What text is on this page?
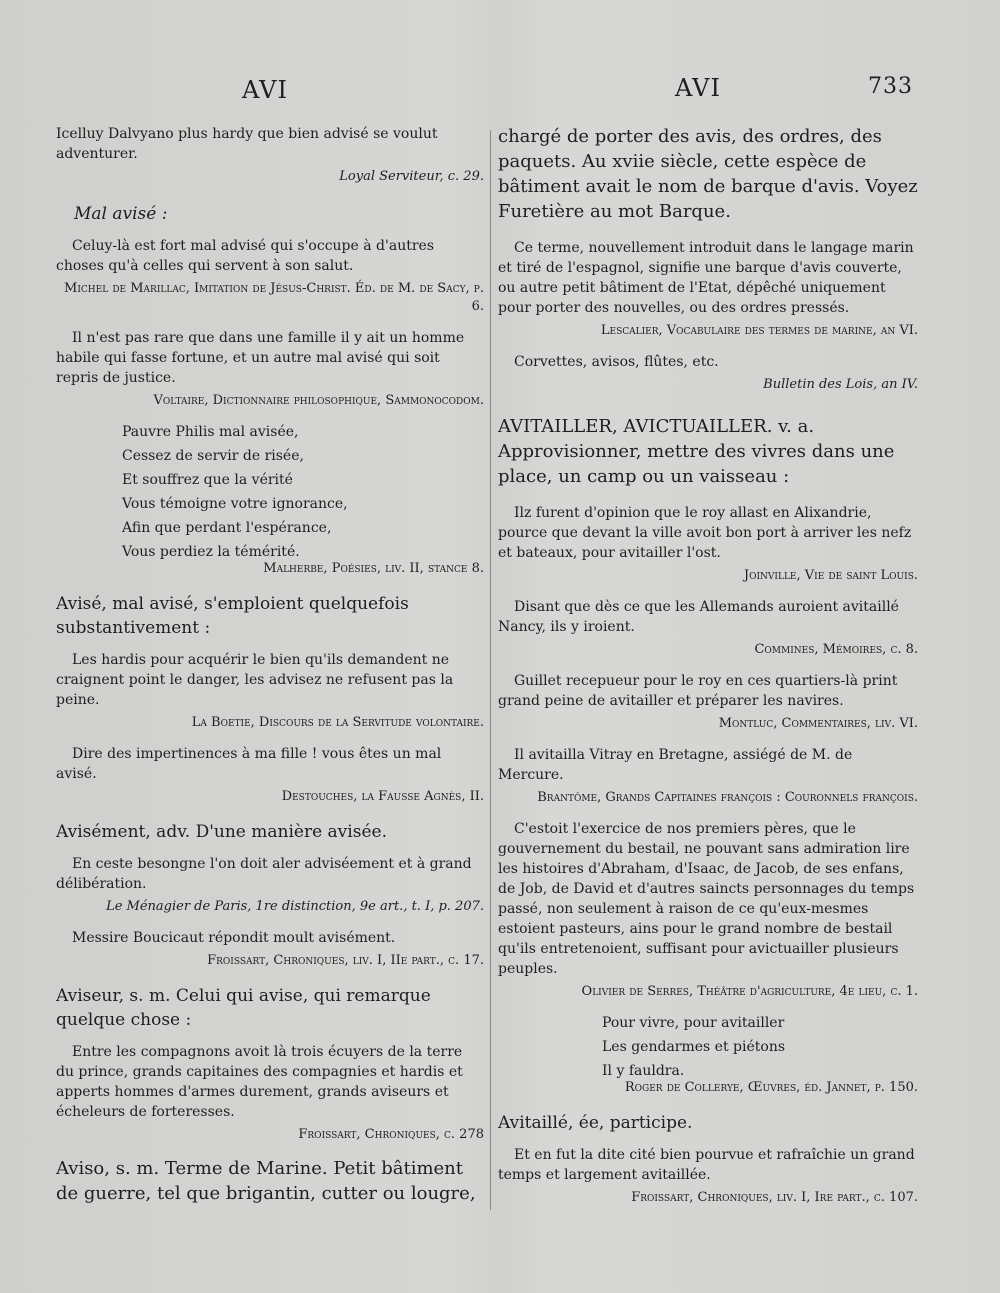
AVI	AVI	733

Icelluy Dalvyano plus hardy que bien advisé se voulut adventurer.

Loyal Serviteur, c. 29.

Mal avisé :

Celuy-là est fort mal advisé qui s'occupe à d'autres choses qu'à celles qui servent à son salut.

Michel de Marillac, Imitation de Jésus-Christ. Éd. de M. de Sacy, p. 6.

Il n'est pas rare que dans une famille il y ait un homme habile qui fasse fortune, et un autre mal avisé qui soit repris de justice.

Voltaire, Dictionnaire philosophique, Sammonocodom.

Pauvre Philis mal avisée,

Cessez de servir de risée,

Et souffrez que la vérité

Vous témoigne votre ignorance,

Afin que perdant l'espérance,

Vous perdiez la témérité.

Malherbe, Poésies, liv. II, stance 8.

Avisé, mal avisé, s'emploient quelquefois substantivement :

Les hardis pour acquérir le bien qu'ils demandent ne craignent point le danger, les advisez ne refusent pas la peine.

La Boetie, Discours de la Servitude volontaire.

Dire des impertinences à ma fille ! vous êtes un mal avisé.

Destouches, la Fausse Agnès, II.

Avisément, adv. D'une manière avisée.

En ceste besongne l'on doit aler adviséement et à grand délibération.

Le Ménagier de Paris, 1re distinction, 9e art., t. I, p. 207.

Messire Boucicaut répondit moult avisément.

Froissart, Chroniques, liv. I, IIe part., c. 17.

Aviseur, s. m. Celui qui avise, qui remarque quelque chose :

Entre les compagnons avoit là trois écuyers de la terre du prince, grands capitaines des compagnies et hardis et apperts hommes d'armes durement, grands aviseurs et écheleurs de forteresses.

Froissart, Chroniques, c. 278

Aviso, s. m. Terme de Marine. Petit bâtiment de guerre, tel que brigantin, cutter ou lougre,

chargé de porter des avis, des ordres, des paquets. Au xviie siècle, cette espèce de bâtiment avait le nom de barque d'avis. Voyez Furetière au mot Barque.

Ce terme, nouvellement introduit dans le langage marin et tiré de l'espagnol, signifie une barque d'avis couverte, ou autre petit bâtiment de l'Etat, dépêché uniquement pour porter des nouvelles, ou des ordres pressés.

Lescalier, Vocabulaire des termes de marine, an VI.

Corvettes, avisos, flûtes, etc.

Bulletin des Lois, an IV.

AVITAILLER, AVICTUAILLER. v. a. Approvisionner, mettre des vivres dans une place, un camp ou un vaisseau :

Ilz furent d'opinion que le roy allast en Alixandrie, pource que devant la ville avoit bon port à arriver les nefz et bateaux, pour avitailler l'ost.

Joinville, Vie de saint Louis.

Disant que dès ce que les Allemands auroient avitaillé Nancy, ils y iroient.

Commines, Mémoires, c. 8.

Guillet recepueur pour le roy en ces quartiers-là print grand peine de avitailler et préparer les navires.

Montluc, Commentaires, liv. VI.

Il avitailla Vitray en Bretagne, assiégé de M. de Mercure.

Brantôme, Grands Capitaines françois : Couronnels françois.

C'estoit l'exercice de nos premiers pères, que le gouvernement du bestail, ne pouvant sans admiration lire les histoires d'Abraham, d'Isaac, de Jacob, de ses enfans, de Job, de David et d'autres saincts personnages du temps passé, non seulement à raison de ce qu'eux-mesmes estoient pasteurs, ains pour le grand nombre de bestail qu'ils entretenoient, suffisant pour avictuailler plusieurs peuples.

Olivier de Serres, Théâtre d'agriculture, 4e lieu, c. 1.

Pour vivre, pour avitailler

Les gendarmes et piétons

Il y fauldra.

Roger de Collerye, Œuvres, éd. Jannet, p. 150.

Avitaillé, ée, participe.

Et en fut la dite cité bien pourvue et rafraîchie un grand temps et largement avitaillée.

Froissart, Chroniques, liv. I, Ire part., c. 107.
